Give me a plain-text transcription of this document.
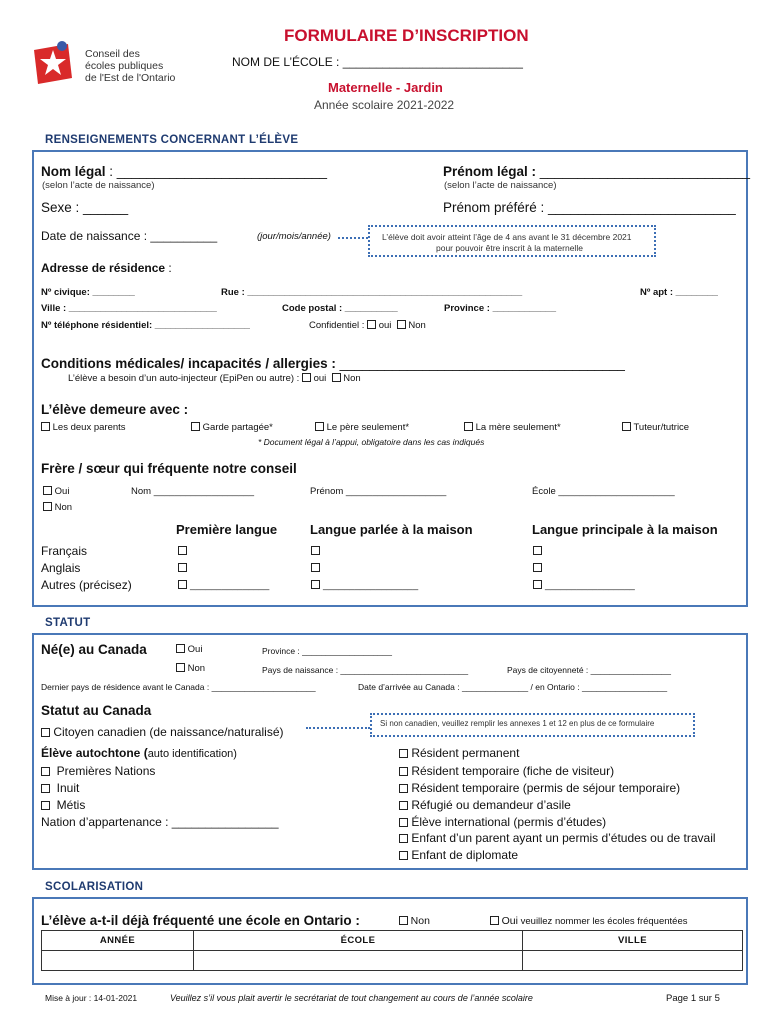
Conseil des
écoles publiques
de l'Est de l'Ontario
FORMULAIRE D’INSCRIPTION
NOM DE L’ÉCOLE : ___________________________
Maternelle - Jardin
Année scolaire 2021-2022
RENSEIGNEMENTS CONCERNANT L’ÉLÈVE
Nom légal : ____________________________
(selon l’acte de naissance)
Prénom légal : ____________________________
(selon l’acte de naissance)
Sexe : ______	Prénom préféré : _________________________
Date de naissance : __________	(jour/mois/année)	L’élève doit avoir atteint l’âge de 4 ans avant le 31 décembre 2021
pour pouvoir être inscrit à la maternelle
Adresse de résidence :
Nº civique: ________	Rue : ____________________________________________________	Nº apt : ________
Ville : ____________________________	Code postal : __________	Province : ____________
Nº téléphone résidentiel: __________________	Confidentiel : oui Non
Conditions médicales/ incapacités / allergies : ______________________________________
L’élève a besoin d’un auto-injecteur (EpiPen ou autre) : oui Non
L’élève demeure avec :
Les deux parents	Garde partagée*	Le père seulement*	La mère seulement*	Tuteur/tutrice
* Document légal à l’appui, obligatoire dans les cas indiqués
Frère / sœur qui fréquente notre conseil
Oui
Non
Nom ___________________	Prénom ___________________	École ______________________
Première langue	Langue parlée à la maison	Langue principale à la maison
Français
Anglais
Autres (précisez)	_______________	__________________	_________________
STATUT
Né(e) au Canada	Oui
Non
Province : ___________________
Pays de naissance : ___________________________	Pays de citoyenneté : _________________
Dernier pays de résidence avant le Canada : ______________________	Date d’arrivée au Canada : ______________ / en Ontario : __________________
Statut au Canada
Citoyen canadien (de naissance/naturalisé)
Si non canadien, veuillez remplir les annexes 1 et 12 en plus de ce formulaire
Élève autochtone (auto identification)
Premières Nations
Inuit
Métis
Nation d’appartenance : ________________
Résident permanent
Résident temporaire (fiche de visiteur)
Résident temporaire (permis de séjour temporaire)
Réfugié ou demandeur d’asile
Élève international (permis d’études)
Enfant d’un parent ayant un permis d’études ou de travail
Enfant de diplomate
SCOLARISATION
L’élève a-t-il déjà fréquenté une école en Ontario :	Non	Oui veuillez nommer les écoles fréquentées
ANNÉE	ÉCOLE	VILLE

Mise à jour : 14-01-2021	Veuillez s’il vous plait avertir le secrétariat de tout changement au cours de l’année scolaire	Page 1 sur 5
